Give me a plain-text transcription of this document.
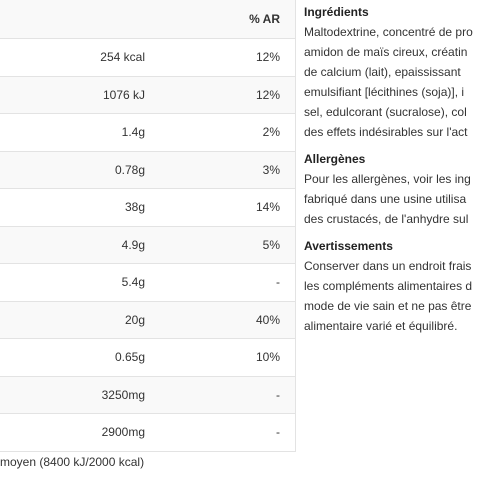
		% AR
	254 kcal	12%
	1076 kJ	12%
	1.4g	2%
	0.78g	3%
	38g	14%
	4.9g	5%
	5.4g	-
	20g	40%
	0.65g	10%
	3250mg	-
	2900mg	-
moyen (8400 kJ/2000 kcal)
Ingrédients

Maltodextrine, concentré de pro

amidon de maïs cireux, créatin

de calcium (lait), epaississant

emulsifiant [lécithines (soja)], i

sel, edulcorant (sucralose), col

des effets indésirables sur l'act

Allergènes

Pour les allergènes, voir les ing

fabriqué dans une usine utilisa

des crustacés, de l'anhydre sul

Avertissements

Conserver dans un endroit frais

les compléments alimentaires d

mode de vie sain et ne pas être

alimentaire varié et équilibré.
